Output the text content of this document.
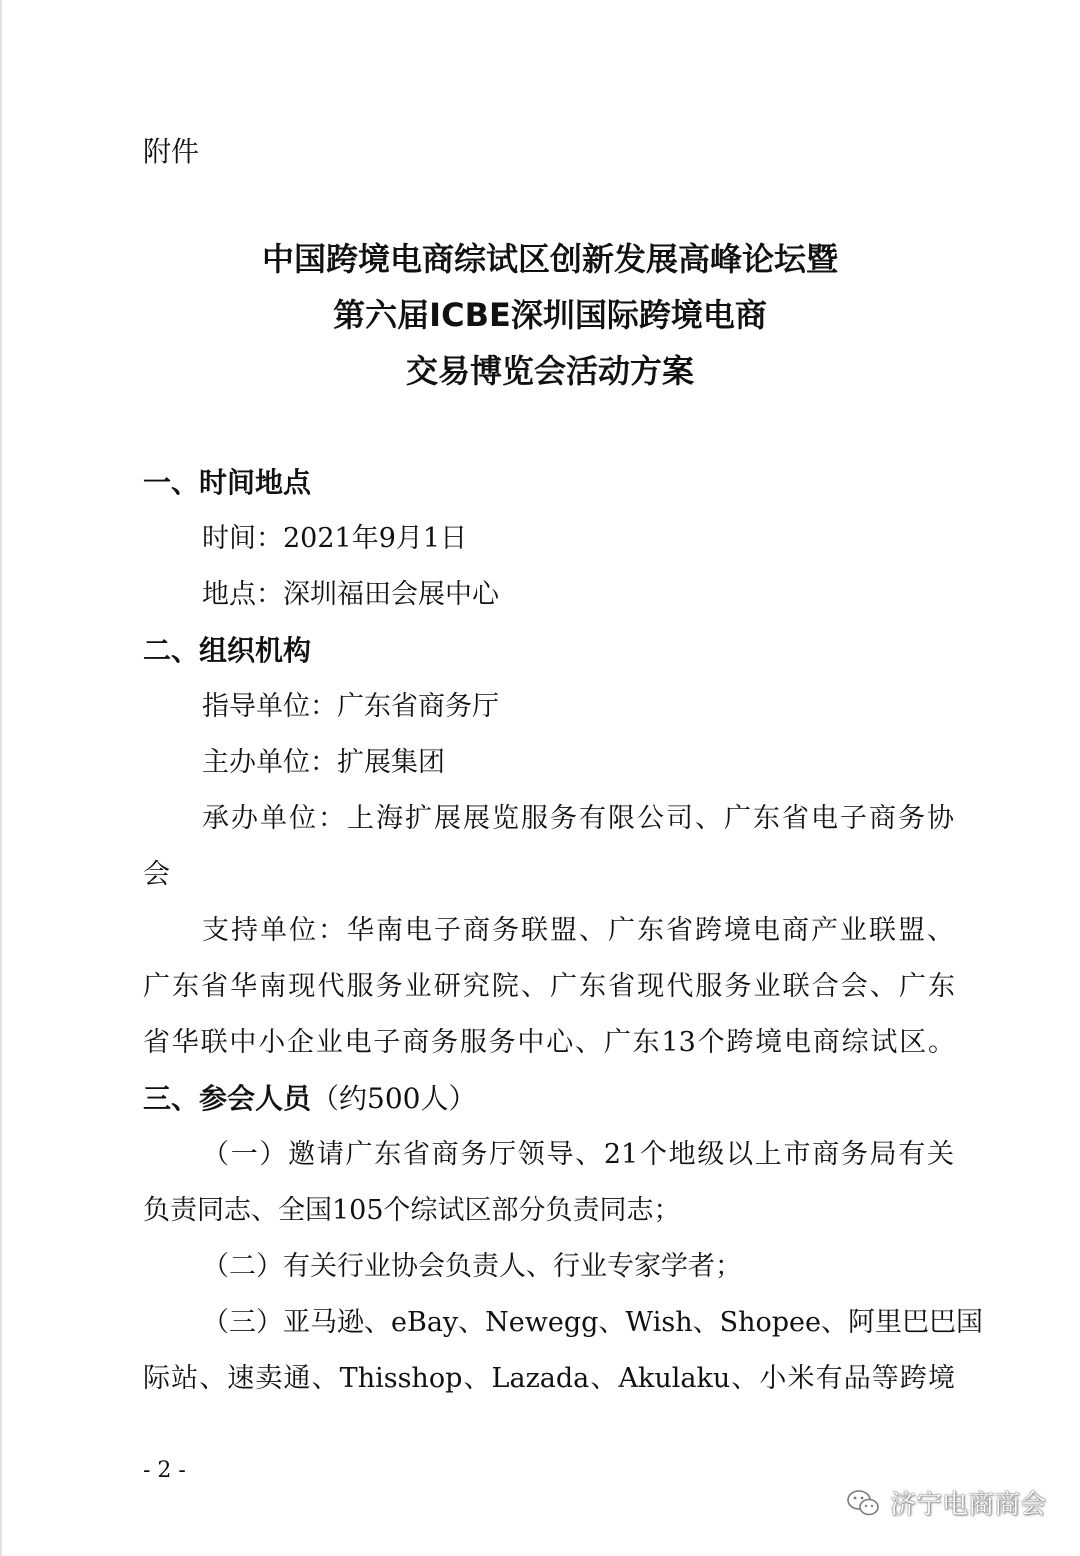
附件

中国跨境电商综试区创新发展高峰论坛暨
第六届ICBE深圳国际跨境电商
交易博览会活动方案
一、时间地点

时间：2021年9月1日

地点：深圳福田会展中心

二、组织机构

指导单位：广东省商务厅

主办单位：扩展集团

承办单位：上海扩展展览服务有限公司、广东省电子商务协

会

支持单位：华南电子商务联盟、广东省跨境电商产业联盟、

广东省华南现代服务业研究院、广东省现代服务业联合会、广东

省华联中小企业电子商务服务中心、广东13个跨境电商综试区。

三、参会人员（约500人）

（一）邀请广东省商务厅领导、21个地级以上市商务局有关

负责同志、全国105个综试区部分负责同志；

（二）有关行业协会负责人、行业专家学者；

（三）亚马逊、eBay、Newegg、Wish、Shopee、阿里巴巴国

际站、速卖通、Thisshop、Lazada、Akulaku、小米有品等跨境

- 2 -

济宁电商商会
